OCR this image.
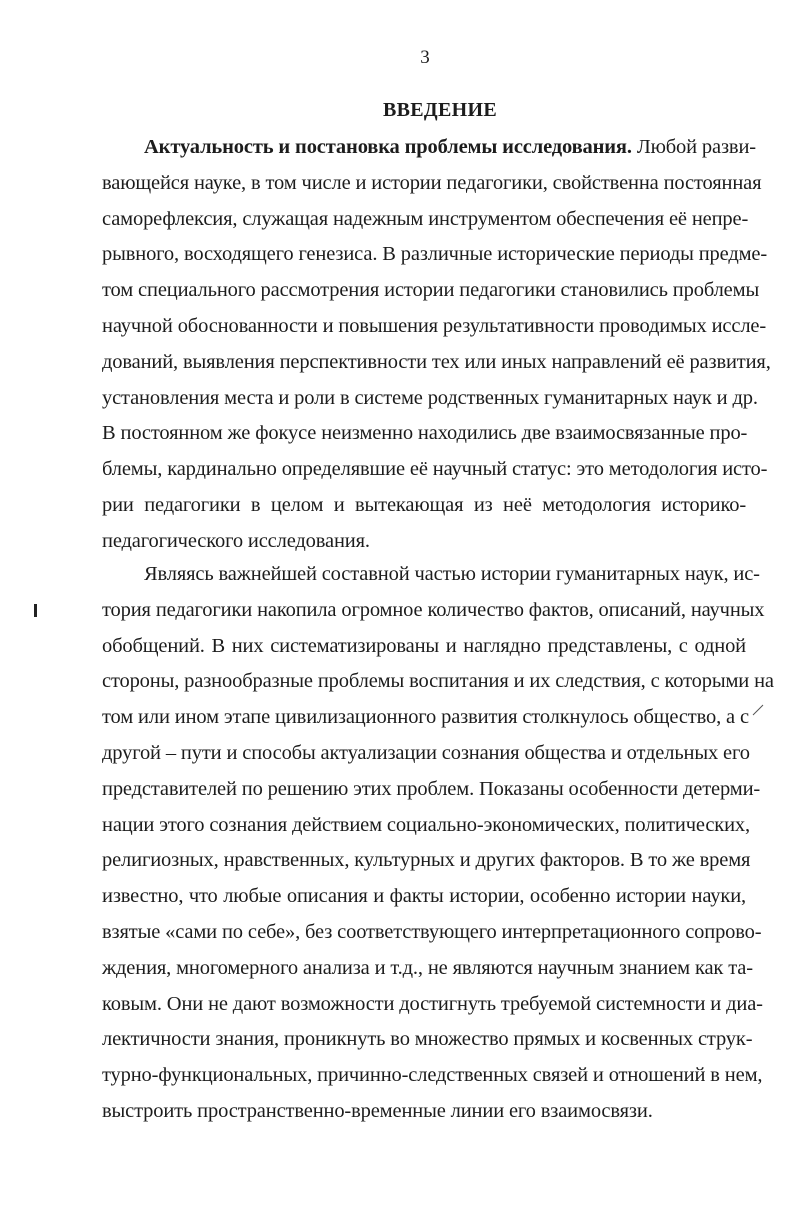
3
ВВЕДЕНИЕ
Актуальность и постановка проблемы исследования. Любой разви-
вающейся науке, в том числе и истории педагогики, свойственна постоянная
саморефлексия, служащая надежным инструментом обеспечения её непре-
рывного, восходящего генезиса. В различные исторические периоды предме-
том специального рассмотрения истории педагогики становились проблемы
научной обоснованности и повышения результативности проводимых иссле-
дований, выявления перспективности тех или иных направлений её развития,
установления места и роли в системе родственных гуманитарных наук и др.
В постоянном же фокусе неизменно находились две взаимосвязанные про-
блемы, кардинально определявшие её научный статус: это методология исто-
рии педагогики в целом и вытекающая из неё методология историко-
педагогического исследования.
Являясь важнейшей составной частью истории гуманитарных наук, ис-
тория педагогики накопила огромное количество фактов, описаний, научных
обобщений. В них систематизированы и наглядно представлены, с одной
стороны, разнообразные проблемы воспитания и их следствия, с которыми на
том или ином этапе цивилизационного развития столкнулось общество, а с
другой – пути и способы актуализации сознания общества и отдельных его
представителей по решению этих проблем. Показаны особенности детерми-
нации этого сознания действием социально-экономических, политических,
религиозных, нравственных, культурных и других факторов. В то же время
известно, что любые описания и факты истории, особенно истории науки,
взятые «сами по себе», без соответствующего интерпретационного сопрово-
ждения, многомерного анализа и т.д., не являются научным знанием как та-
ковым. Они не дают возможности достигнуть требуемой системности и диа-
лектичности знания, проникнуть во множество прямых и косвенных струк-
турно-функциональных, причинно-следственных связей и отношений в нем,
выстроить пространственно-временные линии его взаимосвязи.
